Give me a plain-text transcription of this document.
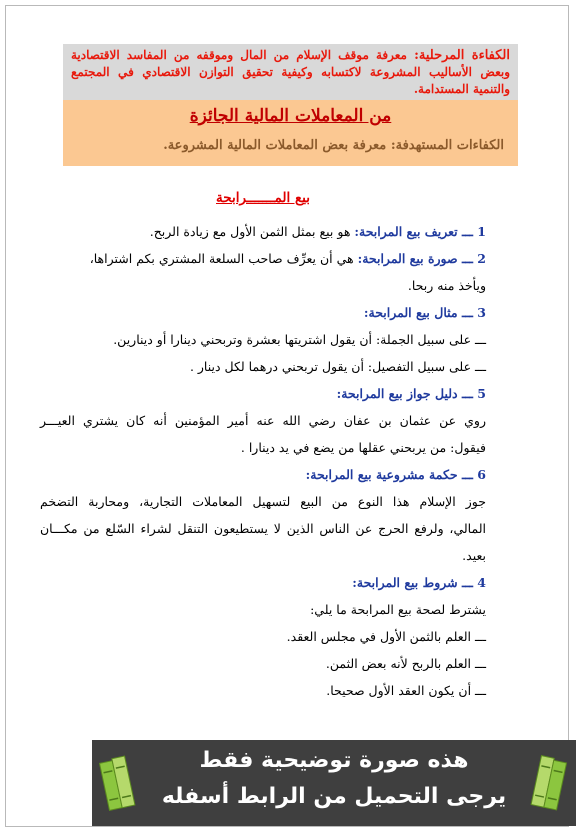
الكفاءة المرحلية: معرفة موقف الإسلام من المال وموقفه من المفاسد الاقتصادية وبعض الأساليب المشروعة لاكتسابه وكيفية تحقيق التوازن الاقتصادي في المجتمع والتنمية المستدامة.
من المعاملات المالية الجائزة
الكفاءات المستهدفة: معرفة بعض المعاملات المالية المشروعة.
بيع المـــــــرابحة
1 ـــ تعريف بيع المرابحة: هو بيع بمثل الثمن الأول مع زيادة الربح.
2 ـــ صورة بيع المرابحة: هي أن يعرِّف صاحب السلعة المشتري بكم اشتراها،
ويأخذ منه ربحا.
3 ـــ مثال بيع المرابحة:
ـــ على سبيل الجملة: أن يقول اشتريتها بعشرة وتربحني دينارا أو دينارين.
ـــ على سبيل التفصيل: أن يقول تربحني درهما لكل دينار .
5 ـــ دليل جواز بيع المرابحة:
روي عن عثمان بن عفان رضي الله عنه أمير المؤمنين أنه كان يشتري العيـــر
فيقول: من يربحني عقلها من يضع في يد دينارا .
6 ـــ حكمة مشروعية بيع المرابحة:
جوز الإسلام هذا النوع من البيع لتسهيل المعاملات التجارية، ومحاربة التضخم
المالي، ولرفع الحرج عن الناس الذين لا يستطيعون التنقل لشراء السّلع من مكـــان
بعيد.
4 ـــ شروط بيع المرابحة:
يشترط لصحة بيع المرابحة ما يلي:
ـــ العلم بالثمن الأول في مجلس العقد.
ـــ العلم بالربح لأنه بعض الثمن.
ـــ أن يكون العقد الأول صحيحا.
هذه صورة توضيحية فقط
يرجى التحميل من الرابط أسفله
